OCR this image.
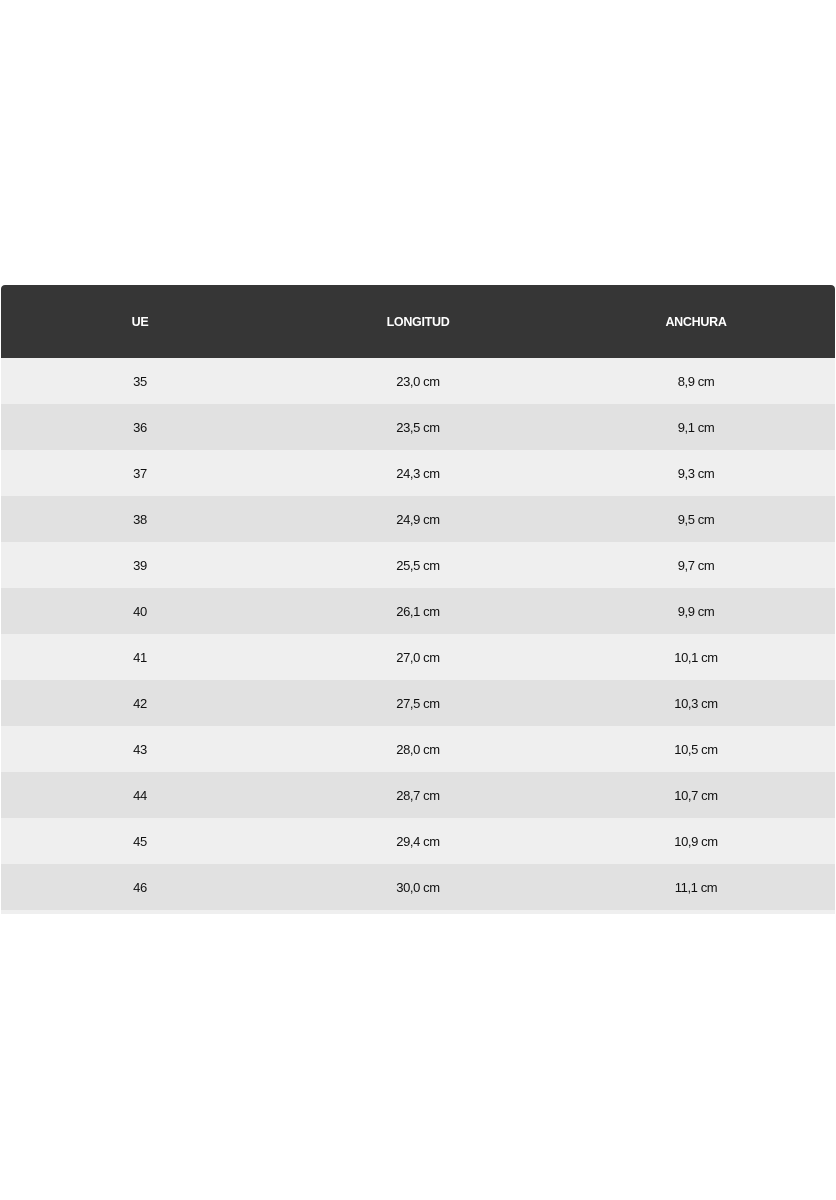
UE	LONGITUD	ANCHURA
35	23,0 cm	8,9 cm
36	23,5 cm	9,1 cm
37	24,3 cm	9,3 cm
38	24,9 cm	9,5 cm
39	25,5 cm	9,7 cm
40	26,1 cm	9,9 cm
41	27,0 cm	10,1 cm
42	27,5 cm	10,3 cm
43	28,0 cm	10,5 cm
44	28,7 cm	10,7 cm
45	29,4 cm	10,9 cm
46	30,0 cm	11,1 cm
